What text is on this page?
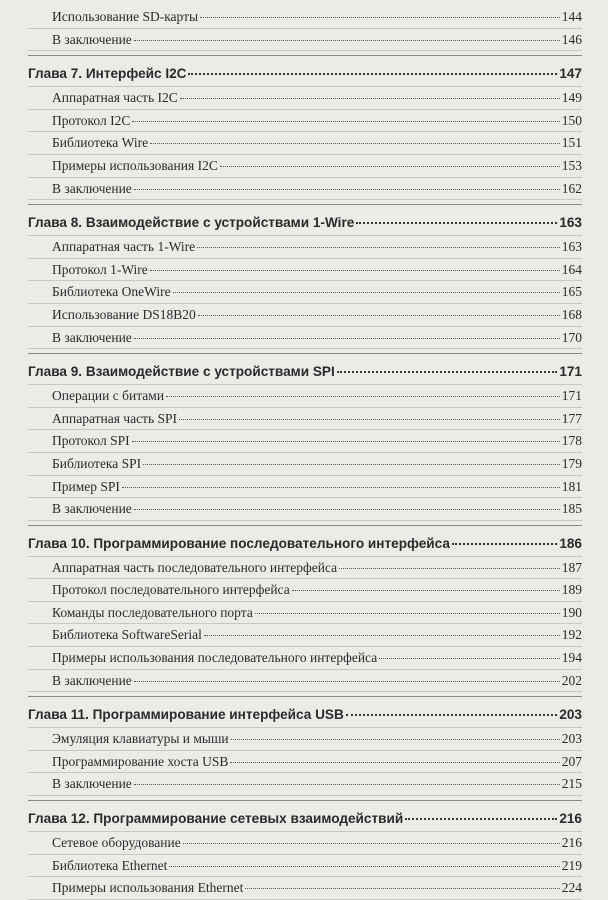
Использование SD-карты	144
В заключение	146
Глава 7. Интерфейс I2C	147
Аппаратная часть I2C	149
Протокол I2C	150
Библиотека Wire	151
Примеры использования I2C	153
В заключение	162
Глава 8. Взаимодействие с устройствами 1-Wire	163
Аппаратная часть 1-Wire	163
Протокол 1-Wire	164
Библиотека OneWire	165
Использование DS18B20	168
В заключение	170
Глава 9. Взаимодействие с устройствами SPI	171
Операции с битами	171
Аппаратная часть SPI	177
Протокол SPI	178
Библиотека SPI	179
Пример SPI	181
В заключение	185
Глава 10. Программирование последовательного интерфейса	186
Аппаратная часть последовательного интерфейса	187
Протокол последовательного интерфейса	189
Команды последовательного порта	190
Библиотека SoftwareSerial	192
Примеры использования последовательного интерфейса	194
В заключение	202
Глава 11. Программирование интерфейса USB	203
Эмуляция клавиатуры и мыши	203
Программирование хоста USB	207
В заключение	215
Глава 12. Программирование сетевых взаимодействий	216
Сетевое оборудование	216
Библиотека Ethernet	219
Примеры использования Ethernet	224
